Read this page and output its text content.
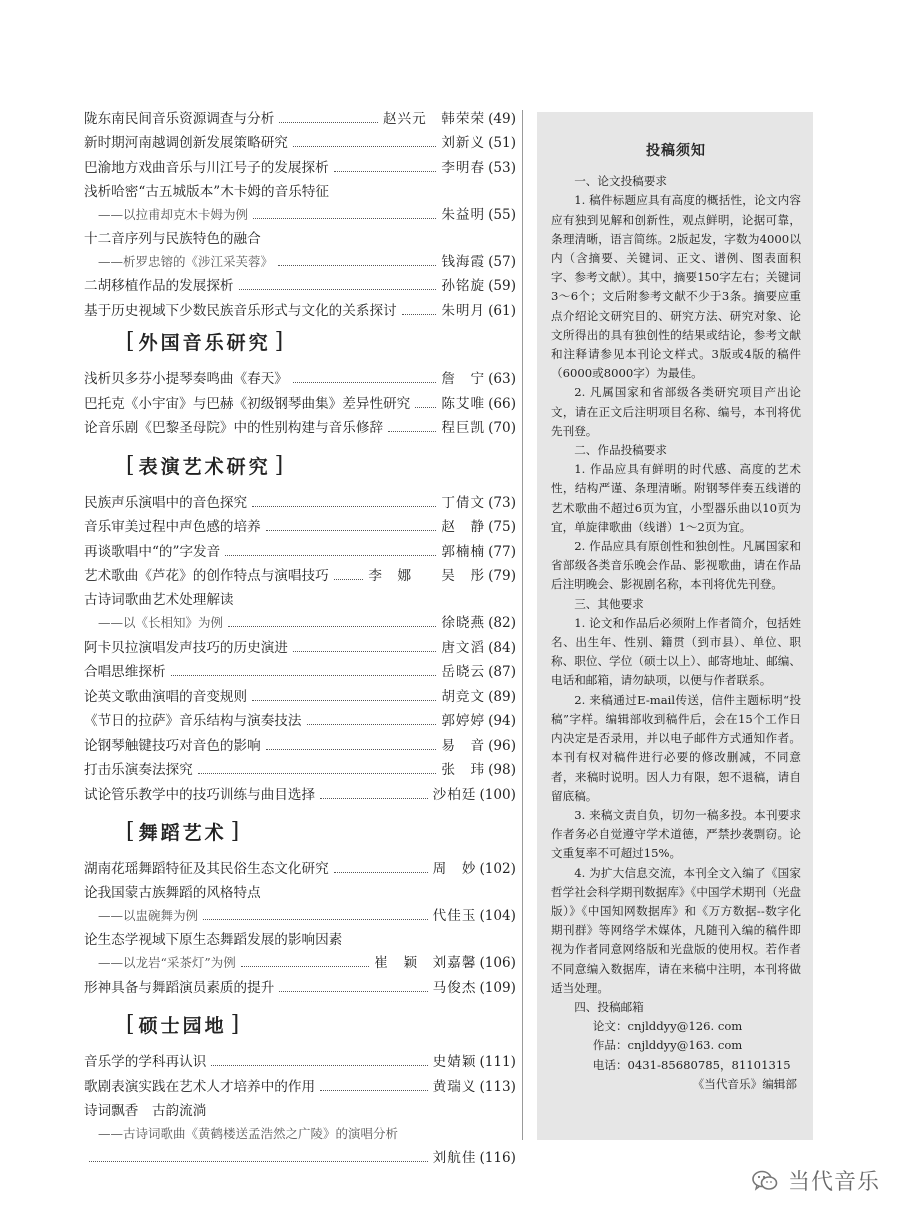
陇东南民间音乐资源调查与分析	赵兴元　韩荣荣 (49)
新时期河南越调创新发展策略研究	刘新义 (51)
巴渝地方戏曲音乐与川江号子的发展探析	李明春 (53)
浅析哈密“古五城版本”木卡姆的音乐特征
——以拉甫却克木卡姆为例	朱益明 (55)
十二音序列与民族特色的融合
——析罗忠镕的《涉江采芙蓉》	钱海霞 (57)
二胡移植作品的发展探析	孙铭旋 (59)
基于历史视域下少数民族音乐形式与文化的关系探讨	朱明月 (61)
[ 外国音乐研究 ]
浅析贝多芬小提琴奏鸣曲《春天》	詹　宁 (63)
巴托克《小宇宙》与巴赫《初级钢琴曲集》差异性研究 陈艾唯 (66)
论音乐剧《巴黎圣母院》中的性别构建与音乐修辞	程巨凯 (70)
[ 表演艺术研究 ]
民族声乐演唱中的音色探究	丁倩文 (73)
音乐审美过程中声色感的培养	赵　静 (75)
再谈歌唱中“的”字发音	郭楠楠 (77)
艺术歌曲《芦花》的创作特点与演唱技巧	李　娜　　吴　彤 (79)
古诗词歌曲艺术处理解读
——以《长相知》为例	徐晓燕 (82)
阿卡贝拉演唱发声技巧的历史演进	唐文滔 (84)
合唱思维探析	岳晓云 (87)
论英文歌曲演唱的音变规则	胡竞文 (89)
《节日的拉萨》音乐结构与演奏技法	郭婷婷 (94)
论钢琴触键技巧对音色的影响	易　音 (96)
打击乐演奏法探究	张　玮 (98)
试论管乐教学中的技巧训练与曲目选择	沙柏廷 (100)
[ 舞蹈艺术 ]
湖南花瑶舞蹈特征及其民俗生态文化研究	周　妙 (102)
论我国蒙古族舞蹈的风格特点
——以盅碗舞为例	代佳玉 (104)
论生态学视域下原生态舞蹈发展的影响因素
——以龙岩“采茶灯”为例	崔　颖　刘嘉馨 (106)
形神具备与舞蹈演员素质的提升	马俊杰 (109)
[ 硕士园地 ]
音乐学的学科再认识	史婧颖 (111)
歌剧表演实践在艺术人才培养中的作用	黄瑞义 (113)
诗词飘香　古韵流淌
——古诗词歌曲《黄鹤楼送孟浩然之广陵》的演唱分析
刘航佳 (116)
投稿须知

一、论文投稿要求

1. 稿件标题应具有高度的概括性，论文内容应有独到见解和创新性，观点鲜明，论据可靠，条理清晰，语言简练。2版起发，字数为4000以内（含摘要、关键词、正文、谱例、图表面积字、参考文献）。其中，摘要150字左右；关键词3～6个；文后附参考文献不少于3条。摘要应重点介绍论文研究目的、研究方法、研究对象、论文所得出的具有独创性的结果或结论，参考文献和注释请参见本刊论文样式。3版或4版的稿件（6000或8000字）为最佳。

2. 凡属国家和省部级各类研究项目产出论文，请在正文后注明项目名称、编号，本刊将优先刊登。

二、作品投稿要求

1. 作品应具有鲜明的时代感、高度的艺术性，结构严谨、条理清晰。附钢琴伴奏五线谱的艺术歌曲不超过6页为宜，小型器乐曲以10页为宜，单旋律歌曲（线谱）1～2页为宜。

2. 作品应具有原创性和独创性。凡属国家和省部级各类音乐晚会作品、影视歌曲，请在作品后注明晚会、影视剧名称，本刊将优先刊登。

三、其他要求

1. 论文和作品后必须附上作者简介，包括姓名、出生年、性别、籍贯（到市县）、单位、职称、职位、学位（硕士以上）、邮寄地址、邮编、电话和邮箱，请勿缺项，以便与作者联系。

2. 来稿通过E-mail传送，信件主题标明“投稿”字样。编辑部收到稿件后，会在15个工作日内决定是否录用，并以电子邮件方式通知作者。本刊有权对稿件进行必要的修改删减，不同意者，来稿时说明。因人力有限，恕不退稿，请自留底稿。

3. 来稿文责自负，切勿一稿多投。本刊要求作者务必自觉遵守学术道德，严禁抄袭剽窃。论文重复率不可超过15%。

4. 为扩大信息交流，本刊全文入编了《国家哲学社会科学期刊数据库》《中国学术期刊（光盘版）》《中国知网数据库》和《万方数据--数字化期刊群》等网络学术媒体，凡随刊入编的稿件即视为作者同意网络版和光盘版的使用权。若作者不同意编入数据库，请在来稿中注明，本刊将做适当处理。

四、投稿邮箱

论文：cnjlddyy@126. com

作品：cnjlddyy@163. com

电话：0431-85680785，81101315

《当代音乐》编辑部

当代音乐
